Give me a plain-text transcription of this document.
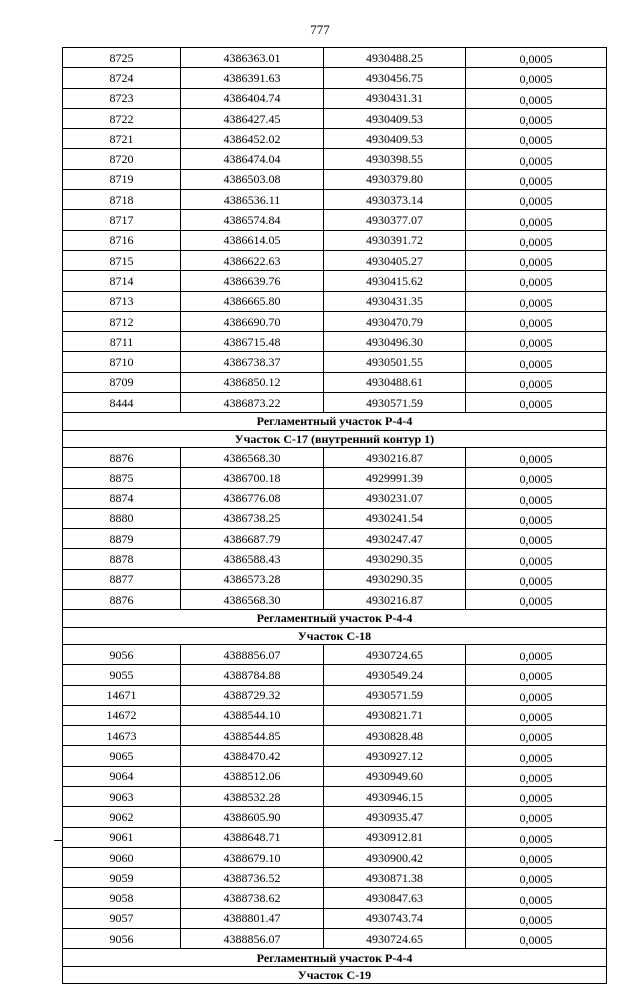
777
8725	4386363.01	4930488.25	0,0005
8724	4386391.63	4930456.75	0,0005
8723	4386404.74	4930431.31	0,0005
8722	4386427.45	4930409.53	0,0005
8721	4386452.02	4930409.53	0,0005
8720	4386474.04	4930398.55	0,0005
8719	4386503.08	4930379.80	0,0005
8718	4386536.11	4930373.14	0,0005
8717	4386574.84	4930377.07	0,0005
8716	4386614.05	4930391.72	0,0005
8715	4386622.63	4930405.27	0,0005
8714	4386639.76	4930415.62	0,0005
8713	4386665.80	4930431.35	0,0005
8712	4386690.70	4930470.79	0,0005
8711	4386715.48	4930496.30	0,0005
8710	4386738.37	4930501.55	0,0005
8709	4386850.12	4930488.61	0,0005
8444	4386873.22	4930571.59	0,0005
Регламентный участок Р-4-4			
Участок С-17 (внутренний контур 1)			
8876	4386568.30	4930216.87	0,0005
8875	4386700.18	4929991.39	0,0005
8874	4386776.08	4930231.07	0,0005
8880	4386738.25	4930241.54	0,0005
8879	4386687.79	4930247.47	0,0005
8878	4386588.43	4930290.35	0,0005
8877	4386573.28	4930290.35	0,0005
8876	4386568.30	4930216.87	0,0005
Регламентный участок Р-4-4			
Участок С-18			
9056	4388856.07	4930724.65	0,0005
9055	4388784.88	4930549.24	0,0005
14671	4388729.32	4930571.59	0,0005
14672	4388544.10	4930821.71	0,0005
14673	4388544.85	4930828.48	0,0005
9065	4388470.42	4930927.12	0,0005
9064	4388512.06	4930949.60	0,0005
9063	4388532.28	4930946.15	0,0005
9062	4388605.90	4930935.47	0,0005
9061	4388648.71	4930912.81	0,0005
9060	4388679.10	4930900.42	0,0005
9059	4388736.52	4930871.38	0,0005
9058	4388738.62	4930847.63	0,0005
9057	4388801.47	4930743.74	0,0005
9056	4388856.07	4930724.65	0,0005
Регламентный участок Р-4-4			
Участок С-19			
